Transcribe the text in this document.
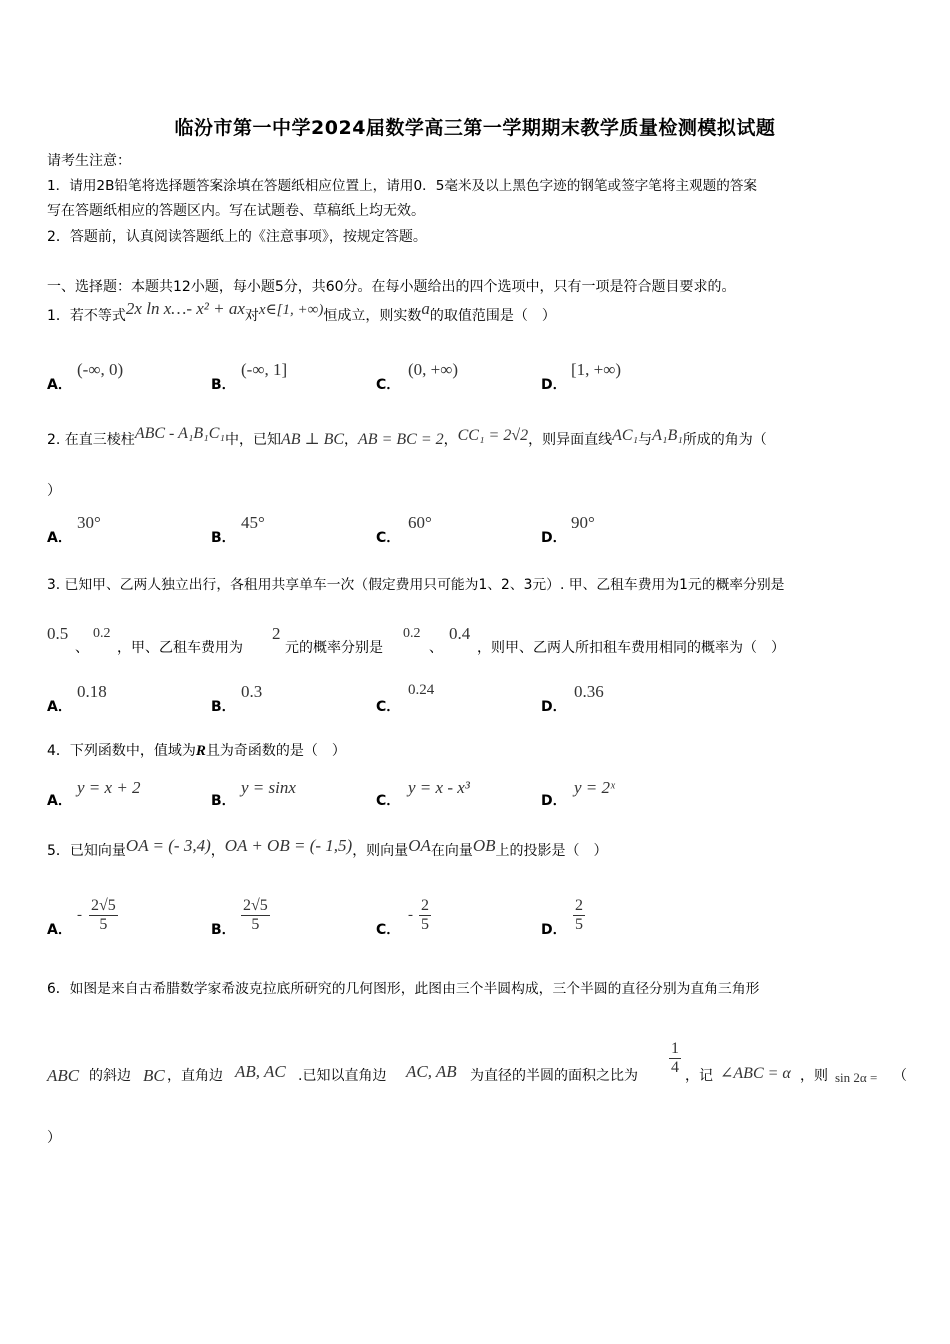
临汾市第一中学2024届数学高三第一学期期末教学质量检测模拟试题
请考生注意：
1．请用2B铅笔将选择题答案涂填在答题纸相应位置上，请用0．5毫米及以上黑色字迹的钢笔或签字笔将主观题的答案
写在答题纸相应的答题区内。写在试题卷、草稿纸上均无效。
2．答题前，认真阅读答题纸上的《注意事项》，按规定答题。
一、选择题：本题共12小题，每小题5分，共60分。在每小题给出的四个选项中，只有一项是符合题目要求的。
1．若不等式2x ln x…- x² + ax对x∈[1, +∞)恒成立，则实数a的取值范围是（　）
A．
(-∞, 0)
B．
(-∞, 1]
C．
(0, +∞)
D．
[1, +∞)
2. 在直三棱柱ABC - A₁B₁C₁中，已知AB ⊥ BC，AB = BC = 2，CC₁ = 2√2，则异面直线AC₁与A₁B₁所成的角为（
）
A．
30°
B．
45°
C．
60°
D．
90°
3. 已知甲、乙两人独立出行，各租用共享单车一次（假定费用只可能为1、2、3元）. 甲、乙租车费用为1元的概率分别是
0.5
、
0.2
，甲、乙租车费用为
2
元的概率分别是
0.2
、
0.4
，则甲、乙两人所扣租车费用相同的概率为（　）
A．
0.18
B．
0.3
C．
0.24
D．
0.36
4．下列函数中，值域为R且为奇函数的是（　）
A．
y = x + 2
B．
y = sinx
C．
y = x - x³
D．
y = 2ˣ
5．已知向量OA = (- 3,4)，OA + OB = (- 1,5)，则向量OA在向量OB上的投影是（　）
A．
- $\frac{2√5}{5}$	B． $\frac{2√5}{5}$	C．
- $\frac{2}{5}$	D． $\frac{2}{5}$
6．如图是来自古希腊数学家希波克拉底所研究的几何图形，此图由三个半圆构成，三个半圆的直径分别为直角三角形
ABC 的斜边 BC ，直角边 AB, AC .已知以直角边 AC, AB 为直径的半圆的面积之比为 $\frac{1}{4}$ ，记 ∠ABC = α ，则 sin 2α = （
）
